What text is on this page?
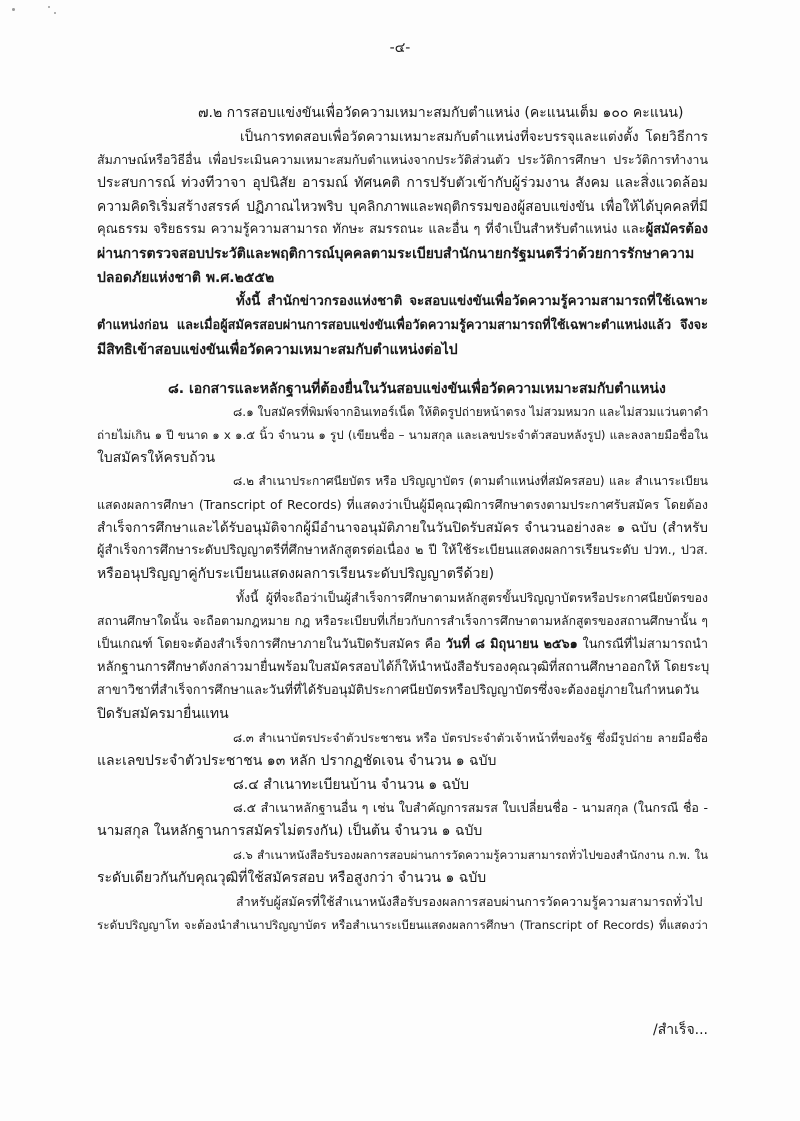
-๔-
๗.๒ การสอบแข่งขันเพื่อวัดความเหมาะสมกับตำแหน่ง (คะแนนเต็ม ๑๐๐ คะแนน)
เป็นการทดสอบเพื่อวัดความเหมาะสมกับตำแหน่งที่จะบรรจุและแต่งตั้ง โดยวิธีการ
สัมภาษณ์หรือวิธีอื่น เพื่อประเมินความเหมาะสมกับตำแหน่งจากประวัติส่วนตัว ประวัติการศึกษา ประวัติการทำงาน
ประสบการณ์ ท่วงทีวาจา อุปนิสัย อารมณ์ ทัศนคติ การปรับตัวเข้ากับผู้ร่วมงาน สังคม และสิ่งแวดล้อม
ความคิดริเริ่มสร้างสรรค์ ปฏิภาณไหวพริบ บุคลิกภาพและพฤติกรรมของผู้สอบแข่งขัน เพื่อให้ได้บุคคลที่มี
คุณธรรม จริยธรรม ความรู้ความสามารถ ทักษะ สมรรถนะ และอื่น ๆ ที่จำเป็นสำหรับตำแหน่ง และผู้สมัครต้อง
ผ่านการตรวจสอบประวัติและพฤติการณ์บุคคลตามระเบียบสำนักนายกรัฐมนตรีว่าด้วยการรักษาความ
ปลอดภัยแห่งชาติ พ.ศ.๒๕๕๒
ทั้งนี้ สำนักข่าวกรองแห่งชาติ จะสอบแข่งขันเพื่อวัดความรู้ความสามารถที่ใช้เฉพาะ
ตำแหน่งก่อน และเมื่อผู้สมัครสอบผ่านการสอบแข่งขันเพื่อวัดความรู้ความสามารถที่ใช้เฉพาะตำแหน่งแล้ว จึงจะ
มีสิทธิเข้าสอบแข่งขันเพื่อวัดความเหมาะสมกับตำแหน่งต่อไป
๘. เอกสารและหลักฐานที่ต้องยื่นในวันสอบแข่งขันเพื่อวัดความเหมาะสมกับตำแหน่ง
๘.๑ ใบสมัครที่พิมพ์จากอินเทอร์เน็ต ให้ติดรูปถ่ายหน้าตรง ไม่สวมหมวก และไม่สวมแว่นตาดำ
ถ่ายไม่เกิน ๑ ปี ขนาด ๑ x ๑.๕ นิ้ว จำนวน ๑ รูป (เขียนชื่อ – นามสกุล และเลขประจำตัวสอบหลังรูป) และลงลายมือชื่อใน
ใบสมัครให้ครบถ้วน
๘.๒ สำเนาประกาศนียบัตร หรือ ปริญญาบัตร (ตามตำแหน่งที่สมัครสอบ) และ สำเนาระเบียน
แสดงผลการศึกษา (Transcript of Records) ที่แสดงว่าเป็นผู้มีคุณวุฒิการศึกษาตรงตามประกาศรับสมัคร โดยต้อง
สำเร็จการศึกษาและได้รับอนุมัติจากผู้มีอำนาจอนุมัติภายในวันปิดรับสมัคร จำนวนอย่างละ ๑ ฉบับ (สำหรับ
ผู้สำเร็จการศึกษาระดับปริญญาตรีที่ศึกษาหลักสูตรต่อเนื่อง ๒ ปี ให้ใช้ระเบียนแสดงผลการเรียนระดับ ปวท., ปวส.
หรืออนุปริญญาคู่กับระเบียนแสดงผลการเรียนระดับปริญญาตรีด้วย)
ทั้งนี้ ผู้ที่จะถือว่าเป็นผู้สำเร็จการศึกษาตามหลักสูตรขั้นปริญญาบัตรหรือประกาศนียบัตรของ
สถานศึกษาใดนั้น จะถือตามกฎหมาย กฎ หรือระเบียบที่เกี่ยวกับการสำเร็จการศึกษาตามหลักสูตรของสถานศึกษานั้น ๆ
เป็นเกณฑ์ โดยจะต้องสำเร็จการศึกษาภายในวันปิดรับสมัคร คือ วันที่ ๘ มิถุนายน ๒๕๖๑ ในกรณีที่ไม่สามารถนำ
หลักฐานการศึกษาดังกล่าวมายื่นพร้อมใบสมัครสอบได้ก็ให้นำหนังสือรับรองคุณวุฒิที่สถานศึกษาออกให้ โดยระบุ
สาขาวิชาที่สำเร็จการศึกษาและวันที่ที่ได้รับอนุมัติประกาศนียบัตรหรือปริญญาบัตรซึ่งจะต้องอยู่ภายในกำหนดวัน
ปิดรับสมัครมายื่นแทน
๘.๓ สำเนาบัตรประจำตัวประชาชน หรือ บัตรประจำตัวเจ้าหน้าที่ของรัฐ ซึ่งมีรูปถ่าย ลายมือชื่อ
และเลขประจำตัวประชาชน ๑๓ หลัก ปรากฏชัดเจน จำนวน ๑ ฉบับ
๘.๔ สำเนาทะเบียนบ้าน จำนวน ๑ ฉบับ
๘.๕ สำเนาหลักฐานอื่น ๆ เช่น ใบสำคัญการสมรส ใบเปลี่ยนชื่อ - นามสกุล (ในกรณี ชื่อ -
นามสกุล ในหลักฐานการสมัครไม่ตรงกัน) เป็นต้น จำนวน ๑ ฉบับ
๘.๖ สำเนาหนังสือรับรองผลการสอบผ่านการวัดความรู้ความสามารถทั่วไปของสำนักงาน ก.พ. ใน
ระดับเดียวกันกับคุณวุฒิที่ใช้สมัครสอบ หรือสูงกว่า จำนวน ๑ ฉบับ
สำหรับผู้สมัครที่ใช้สำเนาหนังสือรับรองผลการสอบผ่านการวัดความรู้ความสามารถทั่วไป
ระดับปริญญาโท จะต้องนำสำเนาปริญญาบัตร หรือสำเนาระเบียนแสดงผลการศึกษา (Transcript of Records) ที่แสดงว่า
/สำเร็จ...
